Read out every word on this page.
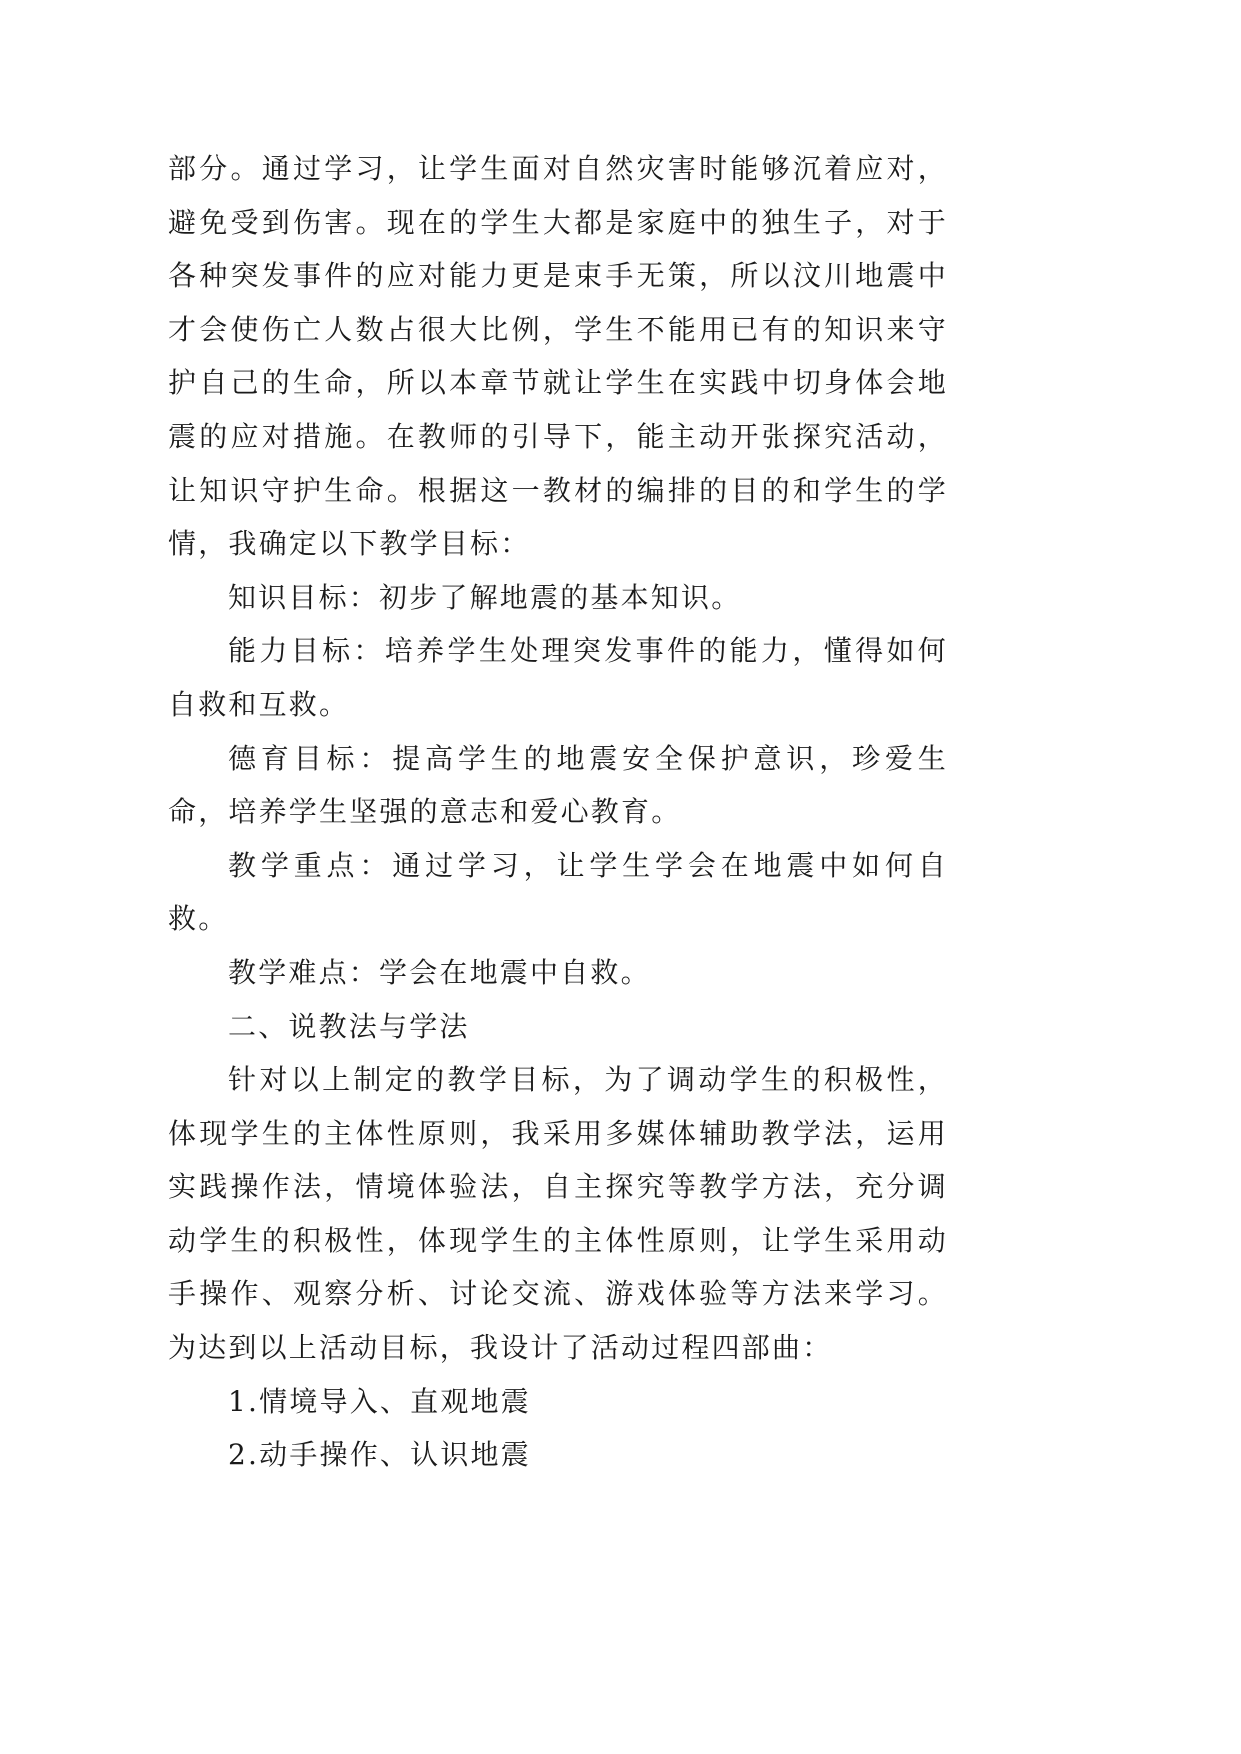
部分。通过学习，让学生面对自然灾害时能够沉着应对，避免受到伤害。现在的学生大都是家庭中的独生子，对于各种突发事件的应对能力更是束手无策，所以汶川地震中才会使伤亡人数占很大比例，学生不能用已有的知识来守护自己的生命，所以本章节就让学生在实践中切身体会地震的应对措施。在教师的引导下，能主动开张探究活动，让知识守护生命。根据这一教材的编排的目的和学生的学情，我确定以下教学目标：

知识目标：初步了解地震的基本知识。

能力目标：培养学生处理突发事件的能力，懂得如何自救和互救。

德育目标：提高学生的地震安全保护意识，珍爱生命，培养学生坚强的意志和爱心教育。

教学重点：通过学习，让学生学会在地震中如何自救。

教学难点：学会在地震中自救。

二、说教法与学法

针对以上制定的教学目标，为了调动学生的积极性，体现学生的主体性原则，我采用多媒体辅助教学法，运用实践操作法，情境体验法，自主探究等教学方法，充分调动学生的积极性，体现学生的主体性原则，让学生采用动手操作、观察分析、讨论交流、游戏体验等方法来学习。为达到以上活动目标，我设计了活动过程四部曲：

1.情境导入、直观地震

2.动手操作、认识地震
